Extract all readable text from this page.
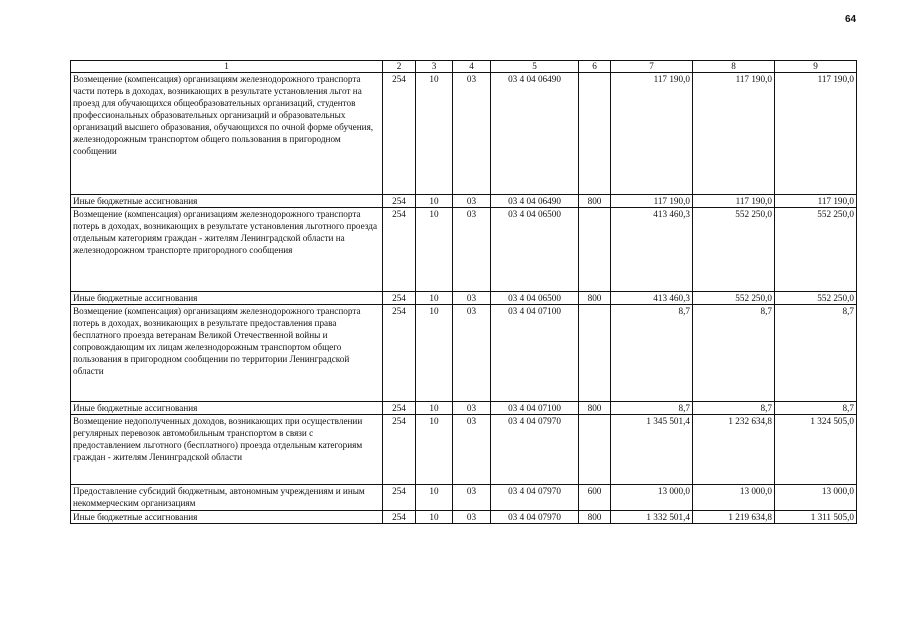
64
1	2	3	4	5	6	7	8	9
Возмещение (компенсация) организациям железнодорожного транспорта части потерь в доходах, возникающих в результате установления льгот на проезд для обучающихся общеобразовательных организаций, студентов профессиональных образовательных организаций и образовательных организаций высшего образования, обучающихся по очной форме обучения, железнодорожным транспортом общего пользования в пригородном сообщении	254	10	03	03 4 04 06490		117 190,0	117 190,0	117 190,0
Иные бюджетные ассигнования	254	10	03	03 4 04 06490	800	117 190,0	117 190,0	117 190,0
Возмещение (компенсация) организациям железнодорожного транспорта потерь в доходах, возникающих в результате установления льготного проезда отдельным категориям граждан - жителям Ленинградской области на железнодорожном транспорте пригородного сообщения	254	10	03	03 4 04 06500		413 460,3	552 250,0	552 250,0
Иные бюджетные ассигнования	254	10	03	03 4 04 06500	800	413 460,3	552 250,0	552 250,0
Возмещение (компенсация) организациям железнодорожного транспорта потерь в доходах, возникающих в результате предоставления права бесплатного проезда ветеранам Великой Отечественной войны и сопровождающим их лицам железнодорожным транспортом общего пользования в пригородном сообщении по территории Ленинградской области	254	10	03	03 4 04 07100		8,7	8,7	8,7
Иные бюджетные ассигнования	254	10	03	03 4 04 07100	800	8,7	8,7	8,7
Возмещение недополученных доходов, возникающих при осуществлении регулярных перевозок автомобильным транспортом в связи с предоставлением льготного (бесплатного) проезда отдельным категориям граждан - жителям Ленинградской области	254	10	03	03 4 04 07970		1 345 501,4	1 232 634,8	1 324 505,0
Предоставление субсидий бюджетным, автономным учреждениям и иным некоммерческим организациям	254	10	03	03 4 04 07970	600	13 000,0	13 000,0	13 000,0
Иные бюджетные ассигнования	254	10	03	03 4 04 07970	800	1 332 501,4	1 219 634,8	1 311 505,0
